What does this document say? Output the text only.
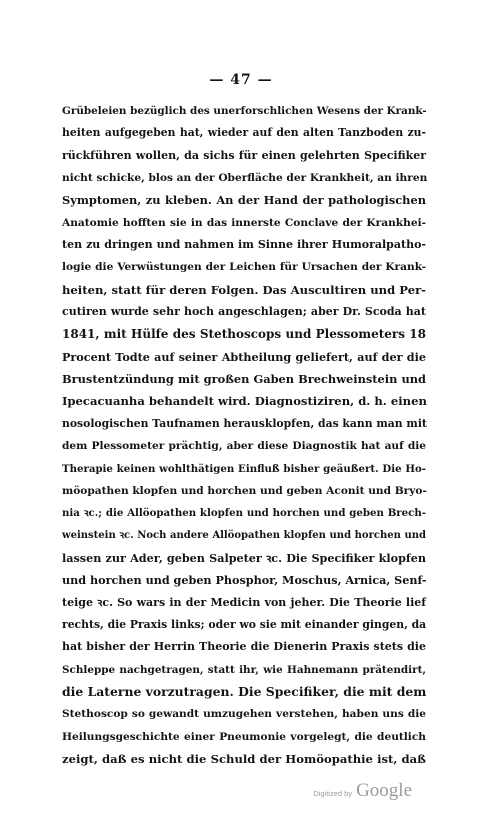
— 47 —
Grübeleien bezüglich des unerforschlichen Wesens der Krank-
heiten aufgegeben hat, wieder auf den alten Tanzboden zu-
rückführen wollen, da sichs für einen gelehrten Specifiker
nicht schicke, blos an der Oberfläche der Krankheit, an ihren
Symptomen, zu kleben. An der Hand der pathologischen
Anatomie hofften sie in das innerste Conclave der Krankhei-
ten zu dringen und nahmen im Sinne ihrer Humoralpatho-
logie die Verwüstungen der Leichen für Ursachen der Krank-
heiten, statt für deren Folgen. Das Auscultiren und Per-
cutiren wurde sehr hoch angeschlagen; aber Dr. Scoda hat
1841, mit Hülfe des Stethoscops und Plessometers 18
Procent Todte auf seiner Abtheilung geliefert, auf der die
Brustentzündung mit großen Gaben Brechweinstein und
Ipecacuanha behandelt wird. Diagnostiziren, d. h. einen
nosologischen Taufnamen herausklopfen, das kann man mit
dem Plessometer prächtig, aber diese Diagnostik hat auf die
Therapie keinen wohlthätigen Einfluß bisher geäußert. Die Ho-
möopathen klopfen und horchen und geben Aconit und Bryo-
nia ꝛc.; die Allöopathen klopfen und horchen und geben Brech-
weinstein ꝛc. Noch andere Allöopathen klopfen und horchen und
lassen zur Ader, geben Salpeter ꝛc. Die Specifiker klopfen
und horchen und geben Phosphor, Moschus, Arnica, Senf-
teige ꝛc. So wars in der Medicin von jeher. Die Theorie lief
rechts, die Praxis links; oder wo sie mit einander gingen, da
hat bisher der Herrin Theorie die Dienerin Praxis stets die
Schleppe nachgetragen, statt ihr, wie Hahnemann prätendirt,
die Laterne vorzutragen. Die Specifiker, die mit dem
Stethoscop so gewandt umzugehen verstehen, haben uns die
Heilungsgeschichte einer Pneumonie vorgelegt, die deutlich
zeigt, daß es nicht die Schuld der Homöopathie ist, daß
Digitized by Google
